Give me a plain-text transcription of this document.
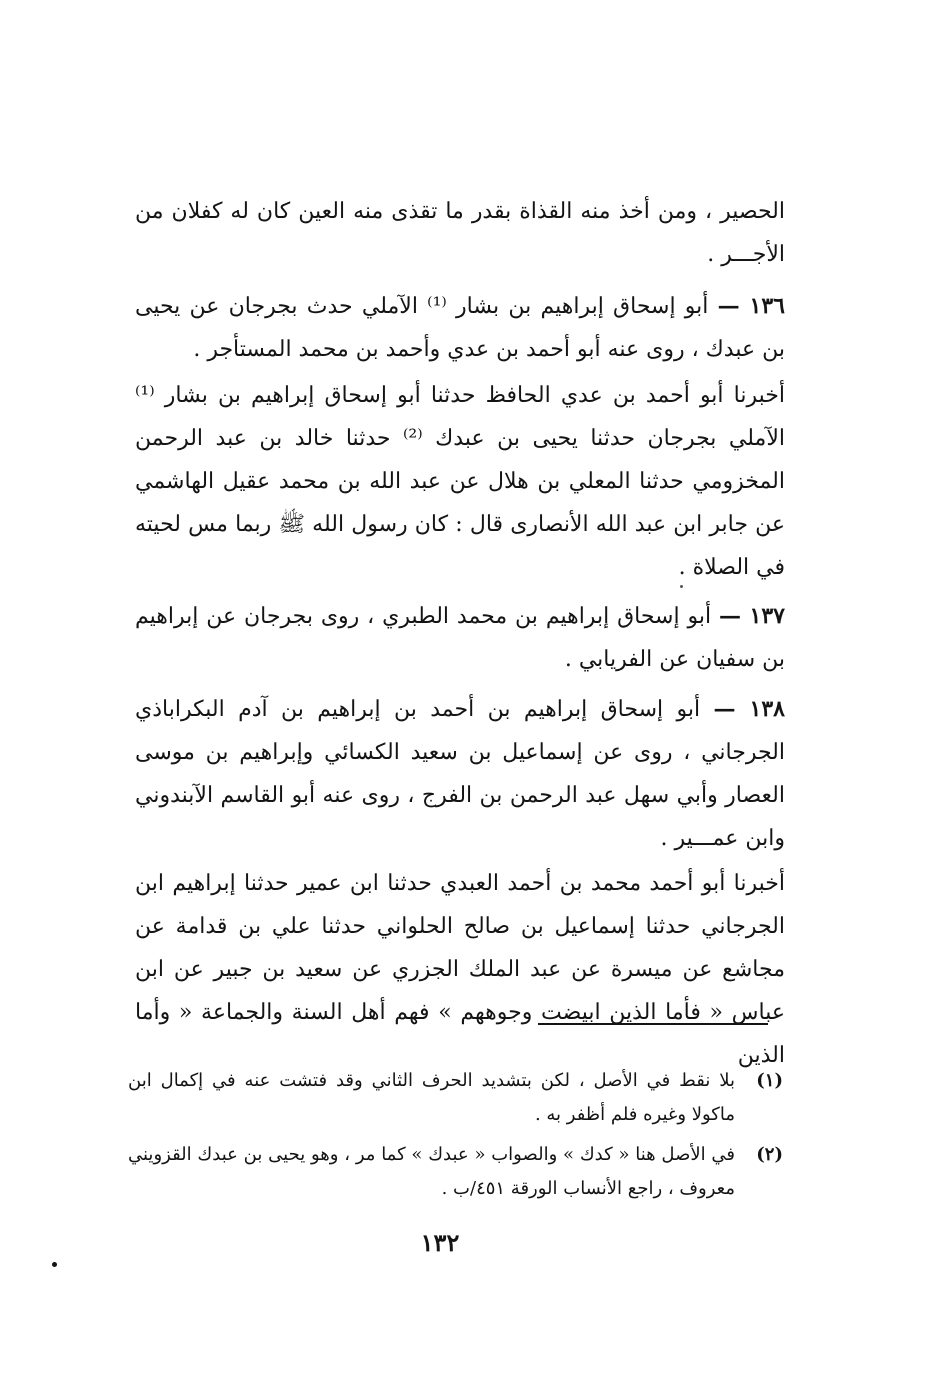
الحصير ، ومن أخذ منه القذاة بقدر ما تقذى منه العين كان له كفلان من الأجـــر .
١٣٦ — أبو إسحاق إبراهيم بن بشار ⁽¹⁾ الآملي حدث بجرجان عن يحيى بن عبدك ، روى عنه أبو أحمد بن عدي وأحمد بن محمد المستأجر .
أخبرنا أبو أحمد بن عدي الحافظ حدثنا أبو إسحاق إبراهيم بن بشار ⁽¹⁾ الآملي بجرجان حدثنا يحيى بن عبدك ⁽²⁾ حدثنا خالد بن عبد الرحمن المخزومي حدثنا المعلي بن هلال عن عبد الله بن محمد عقيل الهاشمي عن جابر ابن عبد الله الأنصارى قال : كان رسول الله ﷺ ربما مس لحيته في الصلاة .
١٣٧ — أبو إسحاق إبراهيم بن محمد الطبري ، روى بجرجان عن إبراهيم بن سفيان عن الفريابي .
١٣٨ — أبو إسحاق إبراهيم بن أحمد بن إبراهيم بن آدم البكراباذي الجرجاني ، روى عن إسماعيل بن سعيد الكسائي وإبراهيم بن موسى العصار وأبي سهل عبد الرحمن بن الفرج ، روى عنه أبو القاسم الآبندوني وابن عمـــير .
أخبرنا أبو أحمد محمد بن أحمد العبدي حدثنا ابن عمير حدثنا إبراهيم ابن الجرجاني حدثنا إسماعيل بن صالح الحلواني حدثنا علي بن قدامة عن مجاشع عن ميسرة عن عبد الملك الجزري عن سعيد بن جبير عن ابن عباس « فأما الذين ابيضت وجوههم » فهم أهل السنة والجماعة « وأما الذين
(١)
بلا نقط في الأصل ، لكن بتشديد الحرف الثاني وقد فتشت عنه في إكمال ابن ماكولا وغيره فلم أظفر به .
(٢)
في الأصل هنا « كدك » والصواب « عبدك » كما مر ، وهو يحيى بن عبدك القزويني معروف ، راجع الأنساب الورقة ٤٥١/ب .
١٣٢
